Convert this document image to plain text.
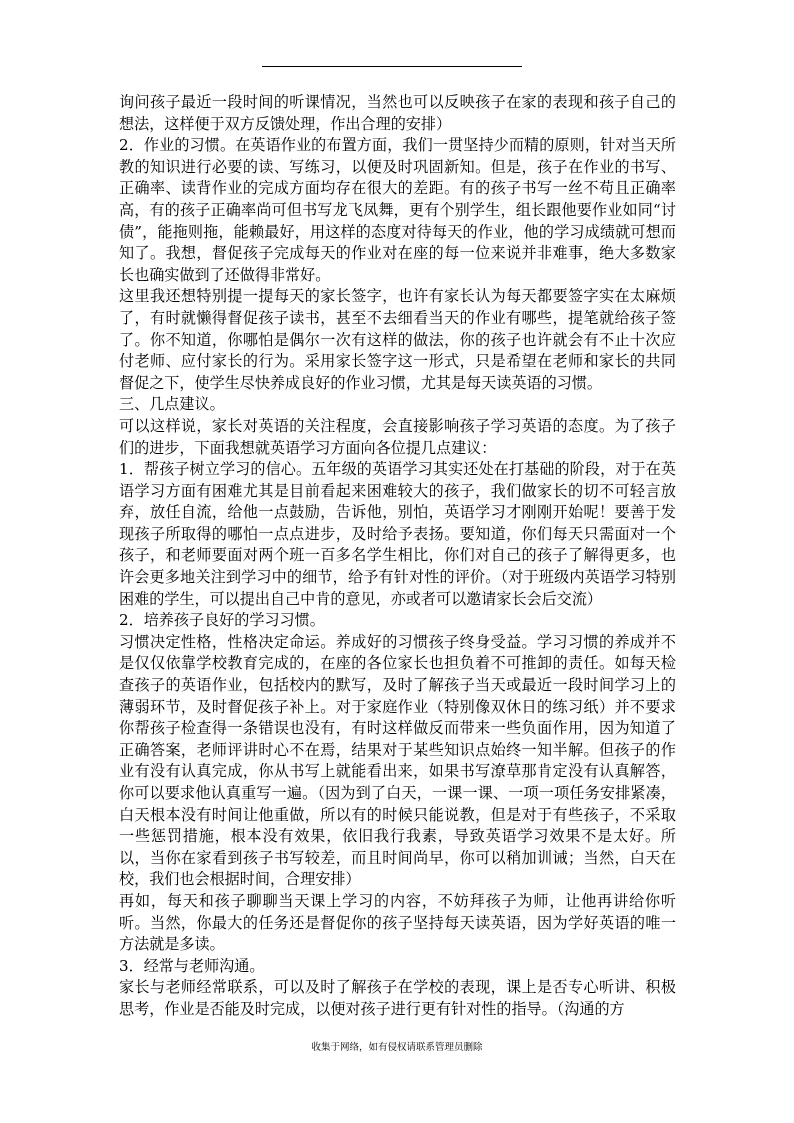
询问孩子最近一段时间的听课情况，当然也可以反映孩子在家的表现和孩子自己的想法，这样便于双方反馈处理，作出合理的安排）

2．作业的习惯。在英语作业的布置方面，我们一贯坚持少而精的原则，针对当天所教的知识进行必要的读、写练习，以便及时巩固新知。但是，孩子在作业的书写、正确率、读背作业的完成方面均存在很大的差距。有的孩子书写一丝不苟且正确率高，有的孩子正确率尚可但书写龙飞凤舞，更有个别学生，组长跟他要作业如同“讨债”，能拖则拖，能赖最好，用这样的态度对待每天的作业，他的学习成绩就可想而知了。我想，督促孩子完成每天的作业对在座的每一位来说并非难事，绝大多数家长也确实做到了还做得非常好。

这里我还想特别提一提每天的家长签字，也许有家长认为每天都要签字实在太麻烦了，有时就懒得督促孩子读书，甚至不去细看当天的作业有哪些，提笔就给孩子签了。你不知道，你哪怕是偶尔一次有这样的做法，你的孩子也许就会有不止十次应付老师、应付家长的行为。采用家长签字这一形式，只是希望在老师和家长的共同督促之下，使学生尽快养成良好的作业习惯，尤其是每天读英语的习惯。

三、几点建议。

可以这样说，家长对英语的关注程度，会直接影响孩子学习英语的态度。为了孩子们的进步，下面我想就英语学习方面向各位提几点建议：

1．帮孩子树立学习的信心。五年级的英语学习其实还处在打基础的阶段，对于在英语学习方面有困难尤其是目前看起来困难较大的孩子，我们做家长的切不可轻言放弃，放任自流，给他一点鼓励，告诉他，别怕，英语学习才刚刚开始呢！要善于发现孩子所取得的哪怕一点点进步，及时给予表扬。要知道，你们每天只需面对一个孩子，和老师要面对两个班一百多名学生相比，你们对自己的孩子了解得更多，也许会更多地关注到学习中的细节，给予有针对性的评价。（对于班级内英语学习特别困难的学生，可以提出自己中肯的意见，亦或者可以邀请家长会后交流）

2．培养孩子良好的学习习惯。

习惯决定性格，性格决定命运。养成好的习惯孩子终身受益。学习习惯的养成并不是仅仅依靠学校教育完成的，在座的各位家长也担负着不可推卸的责任。如每天检查孩子的英语作业，包括校内的默写，及时了解孩子当天或最近一段时间学习上的薄弱环节，及时督促孩子补上。对于家庭作业（特别像双休日的练习纸）并不要求你帮孩子检查得一条错误也没有，有时这样做反而带来一些负面作用，因为知道了正确答案，老师评讲时心不在焉，结果对于某些知识点始终一知半解。但孩子的作业有没有认真完成，你从书写上就能看出来，如果书写潦草那肯定没有认真解答，你可以要求他认真重写一遍。（因为到了白天，一课一课、一项一项任务安排紧凑，白天根本没有时间让他重做，所以有的时候只能说教，但是对于有些孩子，不采取一些惩罚措施，根本没有效果，依旧我行我素，导致英语学习效果不是太好。所以，当你在家看到孩子书写较差，而且时间尚早，你可以稍加训诫；当然，白天在校，我们也会根据时间，合理安排）

再如，每天和孩子聊聊当天课上学习的内容，不妨拜孩子为师，让他再讲给你听听。当然，你最大的任务还是督促你的孩子坚持每天读英语，因为学好英语的唯一方法就是多读。

3．经常与老师沟通。

家长与老师经常联系，可以及时了解孩子在学校的表现，课上是否专心听讲、积极思考，作业是否能及时完成，以便对孩子进行更有针对性的指导。（沟通的方

收集于网络，如有侵权请联系管理员删除
